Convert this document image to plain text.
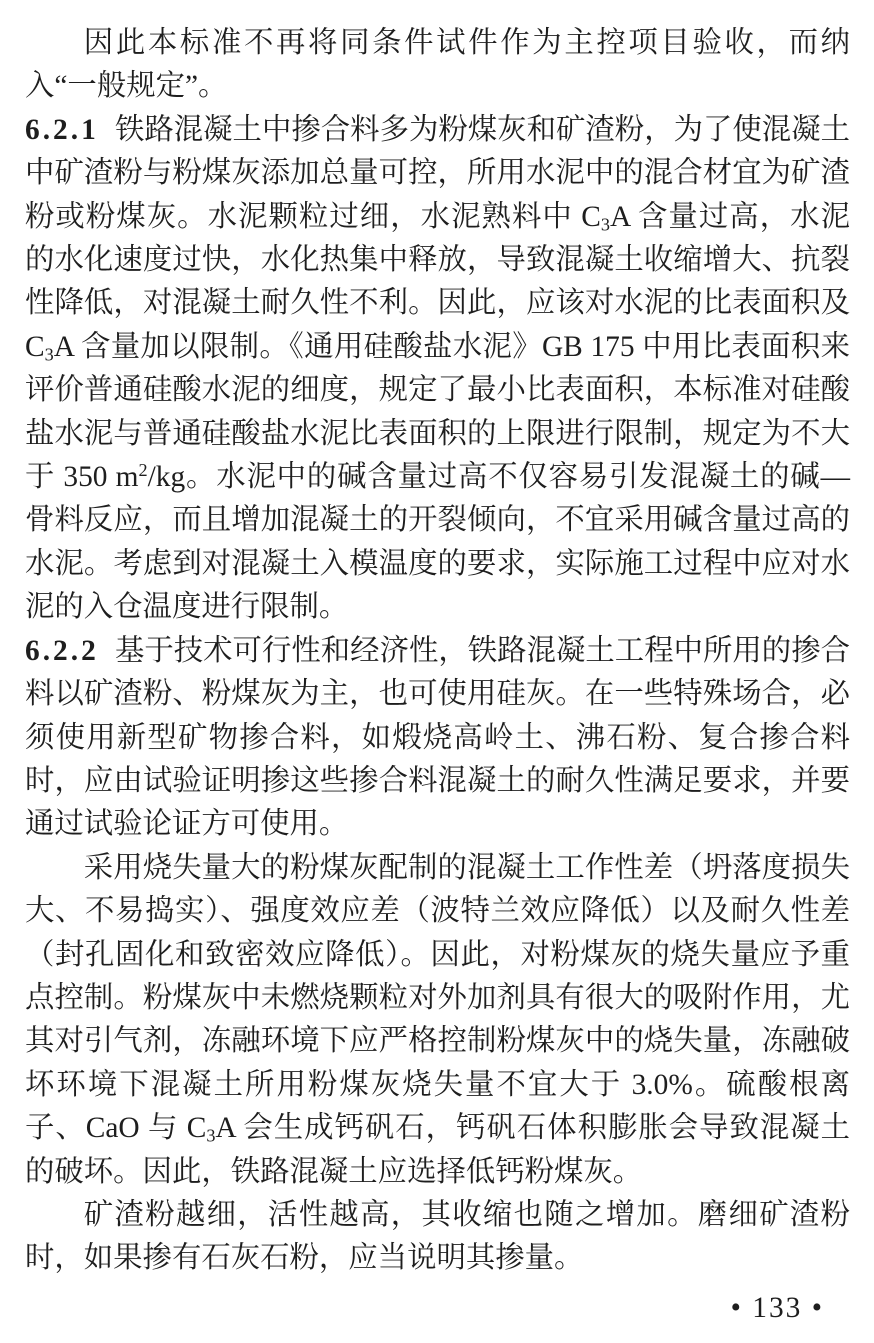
因此本标准不再将同条件试件作为主控项目验收，而纳入“一般规定”。

6.2.1 铁路混凝土中掺合料多为粉煤灰和矿渣粉，为了使混凝土中矿渣粉与粉煤灰添加总量可控，所用水泥中的混合材宜为矿渣粉或粉煤灰。水泥颗粒过细，水泥熟料中 $C_3A$ 含量过高，水泥的水化速度过快，水化热集中释放，导致混凝土收缩增大、抗裂性降低，对混凝土耐久性不利。因此，应该对水泥的比表面积及 $C_3A$ 含量加以限制。《通用硅酸盐水泥》GB 175 中用比表面积来评价普通硅酸水泥的细度，规定了最小比表面积，本标准对硅酸盐水泥与普通硅酸盐水泥比表面积的上限进行限制，规定为不大于 350 $m^2/kg$。水泥中的碱含量过高不仅容易引发混凝土的碱—骨料反应，而且增加混凝土的开裂倾向，不宜采用碱含量过高的水泥。考虑到对混凝土入模温度的要求，实际施工过程中应对水泥的入仓温度进行限制。

6.2.2 基于技术可行性和经济性，铁路混凝土工程中所用的掺合料以矿渣粉、粉煤灰为主，也可使用硅灰。在一些特殊场合，必须使用新型矿物掺合料，如煅烧高岭土、沸石粉、复合掺合料时，应由试验证明掺这些掺合料混凝土的耐久性满足要求，并要通过试验论证方可使用。

采用烧失量大的粉煤灰配制的混凝土工作性差（坍落度损失大、不易捣实）、强度效应差（波特兰效应降低）以及耐久性差（封孔固化和致密效应降低）。因此，对粉煤灰的烧失量应予重点控制。粉煤灰中未燃烧颗粒对外加剂具有很大的吸附作用，尤其对引气剂，冻融环境下应严格控制粉煤灰中的烧失量，冻融破坏环境下混凝土所用粉煤灰烧失量不宜大于 3.0%。硫酸根离子、CaO 与 $C_3A$ 会生成钙矾石，钙矾石体积膨胀会导致混凝土的破坏。因此，铁路混凝土应选择低钙粉煤灰。

矿渣粉越细，活性越高，其收缩也随之增加。磨细矿渣粉时，如果掺有石灰石粉，应当说明其掺量。

• 133 •
